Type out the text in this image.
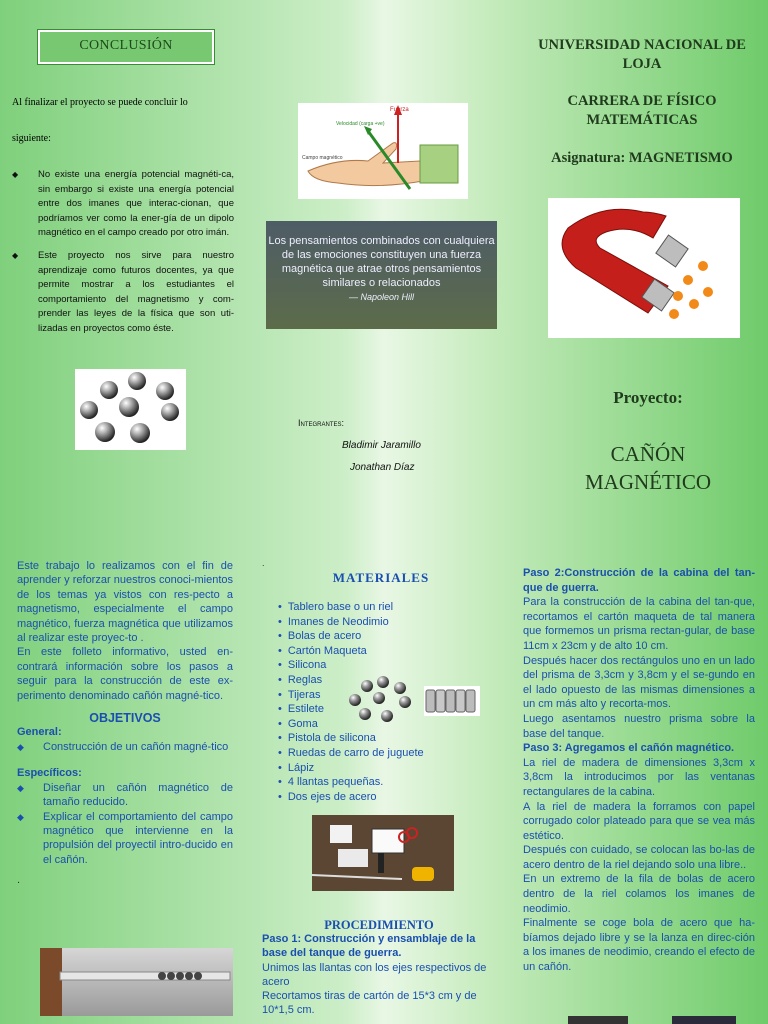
CONCLUSIÓN
Al finalizar el proyecto se puede concluir lo
siguiente:
◆	No existe una energía potencial magnéti-ca, sin embargo si existe una energía potencial entre dos imanes que interac-cionan, que podríamos ver como la ener-gía de un dipolo magnético en el campo creado por otro imán.
◆	Este proyecto nos sirve para nuestro aprendizaje como futuros docentes, ya que permite mostrar a los estudiantes el comportamiento del magnetismo y com-prender las leyes de la física que son uti-lizadas en proyectos como éste.
Fuerza
Velocidad (carga +ve)
Campo magnético
Los pensamientos combinados con cualquiera de las emociones constituyen una fuerza magnética que atrae otros pensamientos similares o relacionados
— Napoleon Hill
Integrantes:
Bladimir Jaramillo
Jonathan Díaz
UNIVERSIDAD NACIONAL DE LOJA
CARRERA DE FÍSICO MATEMÁTICAS
Asignatura: MAGNETISMO
Proyecto:
CAÑÓN MAGNÉTICO
Este trabajo lo realizamos con el fin de aprender y reforzar nuestros conoci-mientos de los temas ya vistos con res-pecto a magnetismo, especialmente el campo magnético, fuerza magnética que utilizamos al realizar este proyec-to .
En este folleto informativo, usted en-contrará información sobre los pasos a seguir para la construcción de este ex-perimento denominado cañón magné-tico.
OBJETIVOS
General:
◆	Construcción de un cañón magné-tico
Específicos:
◆	Diseñar un cañón magnético de tamaño reducido.
◆	Explicar el comportamiento del campo magnético que intervienne en la propulsión del proyectil intro-ducido en el cañón.
.
.
MATERIALES
• Tablero base o un riel
• Imanes de Neodimio
• Bolas de acero
• Cartón Maqueta
• Silicona
• Reglas
• Tijeras
• Estilete
• Goma
• Pistola de silicona
• Ruedas de carro de juguete
• Lápiz
• 4 llantas pequeñas.
• Dos ejes de acero
PROCEDIMIENTO
Paso 1: Construcción y ensamblaje de la base del tanque de guerra.
Unimos las llantas con los ejes respectivos de acero
Recortamos tiras de cartón de 15*3 cm y de 10*1,5 cm.
Paso 2:Construcción de la cabina del tan-que de guerra.
Para la construcción de la cabina del tan-que, recortamos el cartón maqueta de tal manera que formemos un prisma rectan-gular, de base 11cm x 23cm y de alto 10 cm.
Después hacer dos rectángulos uno en un lado del prisma de 3,3cm y 3,8cm y el se-gundo en el lado opuesto de las mismas dimensiones a un cm más alto y recorta-mos.
Luego asentamos nuestro prisma sobre la base del tanque.
Paso 3: Agregamos el cañón magnético.
La riel de madera de dimensiones 3,3cm x 3,8cm la introducimos por las ventanas rectangulares de la cabina.
A la riel de madera la forramos con papel corrugado color plateado para que se vea más estético.
Después con cuidado, se colocan las bo-las de acero dentro de la riel dejando solo una libre..
En un extremo de la fila de bolas de acero dentro de la riel colamos los imanes de neodimio.
Finalmente se coge bola de acero que ha-bíamos dejado libre y se la lanza en direc-ción a los imanes de neodimio, creando el efecto de un cañón.
